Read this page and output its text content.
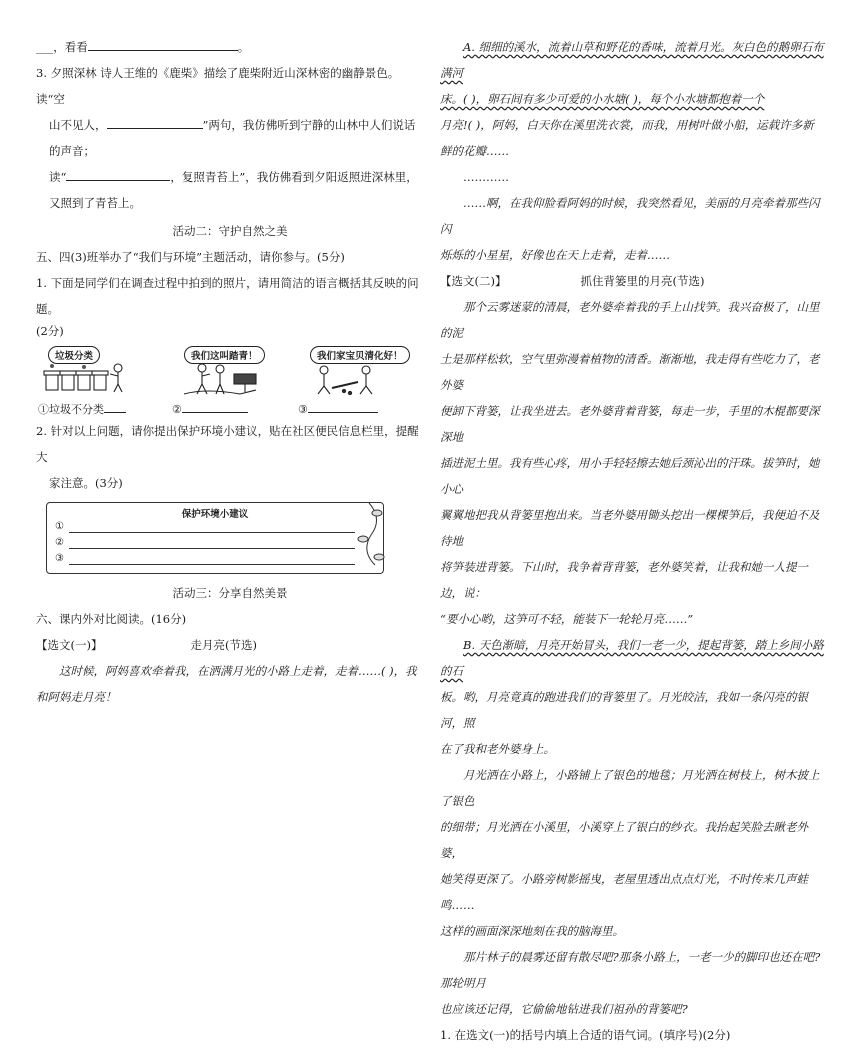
___，看看	。

3. 夕照深林 诗人王维的《鹿柴》描绘了鹿柴附近山深林密的幽静景色。读“空

山不见人，	”两句，我仿佛听到宁静的山林中人们说话的声音；

读“	，复照青苔上”，我仿佛看到夕阳返照进深林里，

又照到了青苔上。

活动二：守护自然之美

五、四(3)班举办了“我们与环境”主题活动，请你参与。(5分)

1. 下面是同学们在调查过程中拍到的照片，请用简洁的语言概括其反映的问题。

(2分)

垃圾分类
①垃圾不分类
我们这叫踏青！
②
我们家宝贝清化好！
③

2. 针对以上问题，请你提出保护环境小建议，贴在社区便民信息栏里，提醒大

家注意。(3分)

保护环境小建议
①
②
③

活动三：分享自然美景

六、课内外对比阅读。(16分)

【选文(一)】	走月亮(节选)

这时候，阿妈喜欢牵着我，在洒满月光的小路上走着，走着……( )，我

和阿妈走月亮！

A. 细细的溪水，流着山草和野花的香味，流着月光。灰白色的鹅卵石布满河

床。( )，卵石间有多少可爱的小水塘( )，每个小水塘都抱着一个

月亮!( )，阿妈，白天你在溪里洗衣裳，而我，用树叶做小船，运载许多新

鲜的花瓣……

…………

……啊，在我仰脸看阿妈的时候，我突然看见，美丽的月亮牵着那些闪闪

烁烁的小星星，好像也在天上走着，走着……

【选文(二)】	抓住背篓里的月亮(节选)

那个云雾迷蒙的清晨，老外婆牵着我的手上山找笋。我兴奋极了，山里的泥

土是那样松软，空气里弥漫着植物的清香。渐渐地，我走得有些吃力了，老外婆

便卸下背篓，让我坐进去。老外婆背着背篓，每走一步，手里的木棍都要深深地

插进泥土里。我有些心疼，用小手轻轻擦去她后颈沁出的汗珠。拔笋时，她小心

翼翼地把我从背篓里抱出来。当老外婆用锄头挖出一棵棵笋后，我便迫不及待地

将笋装进背篓。下山时，我争着背背篓，老外婆笑着，让我和她一人提一边，说：

“要小心哟，这笋可不轻，能装下一轮轮月亮……”

B. 天色渐暗，月亮开始冒头，我们一老一少，提起背篓，踏上乡间小路的石

板。哟，月亮竟真的跑进我们的背篓里了。月光皎洁，我如一条闪亮的银河，照

在了我和老外婆身上。

月光洒在小路上，小路铺上了银色的地毯；月光洒在树枝上，树木披上了银色

的细带；月光洒在小溪里，小溪穿上了银白的纱衣。我抬起笑脸去瞅老外婆，

她笑得更深了。小路旁树影摇曳，老屋里透出点点灯光，不时传来几声蛙鸣……

这样的画面深深地刻在我的脑海里。

那片林子的晨雾还留有散尽吧?那条小路上，一老一少的脚印也还在吧?那轮明月

也应该还记得，它偷偷地钻进我们祖孙的背篓吧?

1. 在选文(一)的括号内填上合适的语气词。(填序号)(2分)
